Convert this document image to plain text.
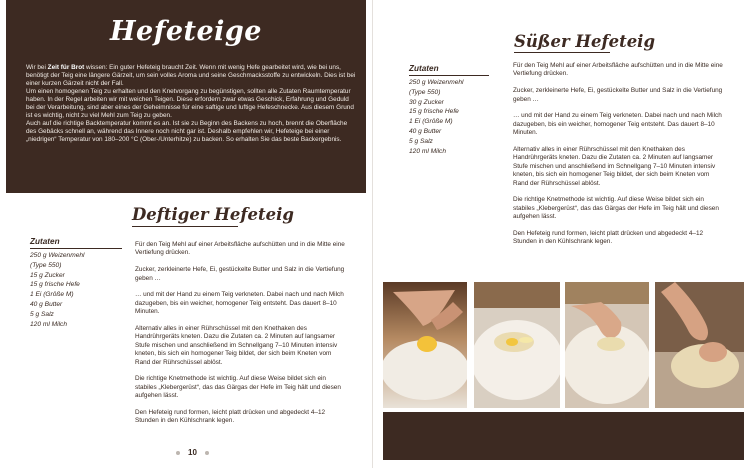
Hefeteige

Wir bei Zeit für Brot wissen: Ein guter Hefeteig braucht Zeit. Wenn mit wenig Hefe gearbeitet wird, wie bei uns, benötigt der Teig eine längere Gärzeit, um sein volles Aroma und seine Geschmacksstoffe zu entwickeln. Dies ist bei einer kurzen Gärzeit nicht der Fall.

Um einen homogenen Teig zu erhalten und den Knetvorgang zu begünstigen, sollten alle Zutaten Raumtemperatur haben. In der Regel arbeiten wir mit weichen Teigen. Diese erfordern zwar etwas Geschick, Erfahrung und Geduld bei der Verarbeitung, sind aber eines der Geheimnisse für eine saftige und luftige Hefeschnecke. Aus diesem Grund ist es wichtig, nicht zu viel Mehl zum Teig zu geben.

Auch auf die richtige Backtemperatur kommt es an. Ist sie zu Beginn des Backens zu hoch, brennt die Oberfläche des Gebäcks schnell an, während das Innere noch nicht gar ist. Deshalb empfehlen wir, Hefeteige bei einer „niedrigen“ Temperatur von 180–200 °C (Ober-/Unterhitze) zu backen. So erhalten Sie das beste Backergebnis.

Deftiger Hefeteig
Zutaten
250 g Weizenmehl
(Type 550)
15 g Zucker
15 g frische Hefe
1 Ei (Größe M)
40 g Butter
5 g Salz
120 ml Milch

Für den Teig Mehl auf einer Arbeitsfläche aufschütten und in die Mitte eine Vertiefung drücken.

Zucker, zerkleinerte Hefe, Ei, gestückelte Butter und Salz in die Vertiefung geben …

… und mit der Hand zu einem Teig verkneten. Dabei nach und nach Milch dazugeben, bis ein weicher, homogener Teig entsteht. Das dauert 8–10 Minuten.

Alternativ alles in einer Rührschüssel mit den Knethaken des Handrührgeräts kneten. Dazu die Zutaten ca. 2 Minuten auf langsamer Stufe mischen und anschließend im Schnellgang 7–10 Minuten intensiv kneten, bis sich ein homogener Teig bildet, der sich beim Kneten vom Rand der Rührschüssel ablöst.

Die richtige Knetmethode ist wichtig. Auf diese Weise bildet sich ein stabiles „Klebergerüst“, das das Gärgas der Hefe im Teig hält und diesen aufgehen lässt.

Den Hefeteig rund formen, leicht platt drücken und abgedeckt 4–12 Stunden in den Kühlschrank legen.

10
Süßer Hefeteig
Zutaten
250 g Weizenmehl
(Type 550)
30 g Zucker
15 g frische Hefe
1 Ei (Größe M)
40 g Butter
5 g Salz
120 ml Milch

Für den Teig Mehl auf einer Arbeitsfläche aufschütten und in die Mitte eine Vertiefung drücken.

Zucker, zerkleinerte Hefe, Ei, gestückelte Butter und Salz in die Vertiefung geben …

… und mit der Hand zu einem Teig verkneten. Dabei nach und nach Milch dazugeben, bis ein weicher, homogener Teig entsteht. Das dauert 8–10 Minuten.

Alternativ alles in einer Rührschüssel mit den Knethaken des Handrührgeräts kneten. Dazu die Zutaten ca. 2 Minuten auf langsamer Stufe mischen und anschließend im Schnellgang 7–10 Minuten intensiv kneten, bis sich ein homogener Teig bildet, der sich beim Kneten vom Rand der Rührschüssel ablöst.

Die richtige Knetmethode ist wichtig. Auf diese Weise bildet sich ein stabiles „Klebergerüst“, das das Gärgas der Hefe im Teig hält und diesen aufgehen lässt.

Den Hefeteig rund formen, leicht platt drücken und abgedeckt 4–12 Stunden in den Kühlschrank legen.
